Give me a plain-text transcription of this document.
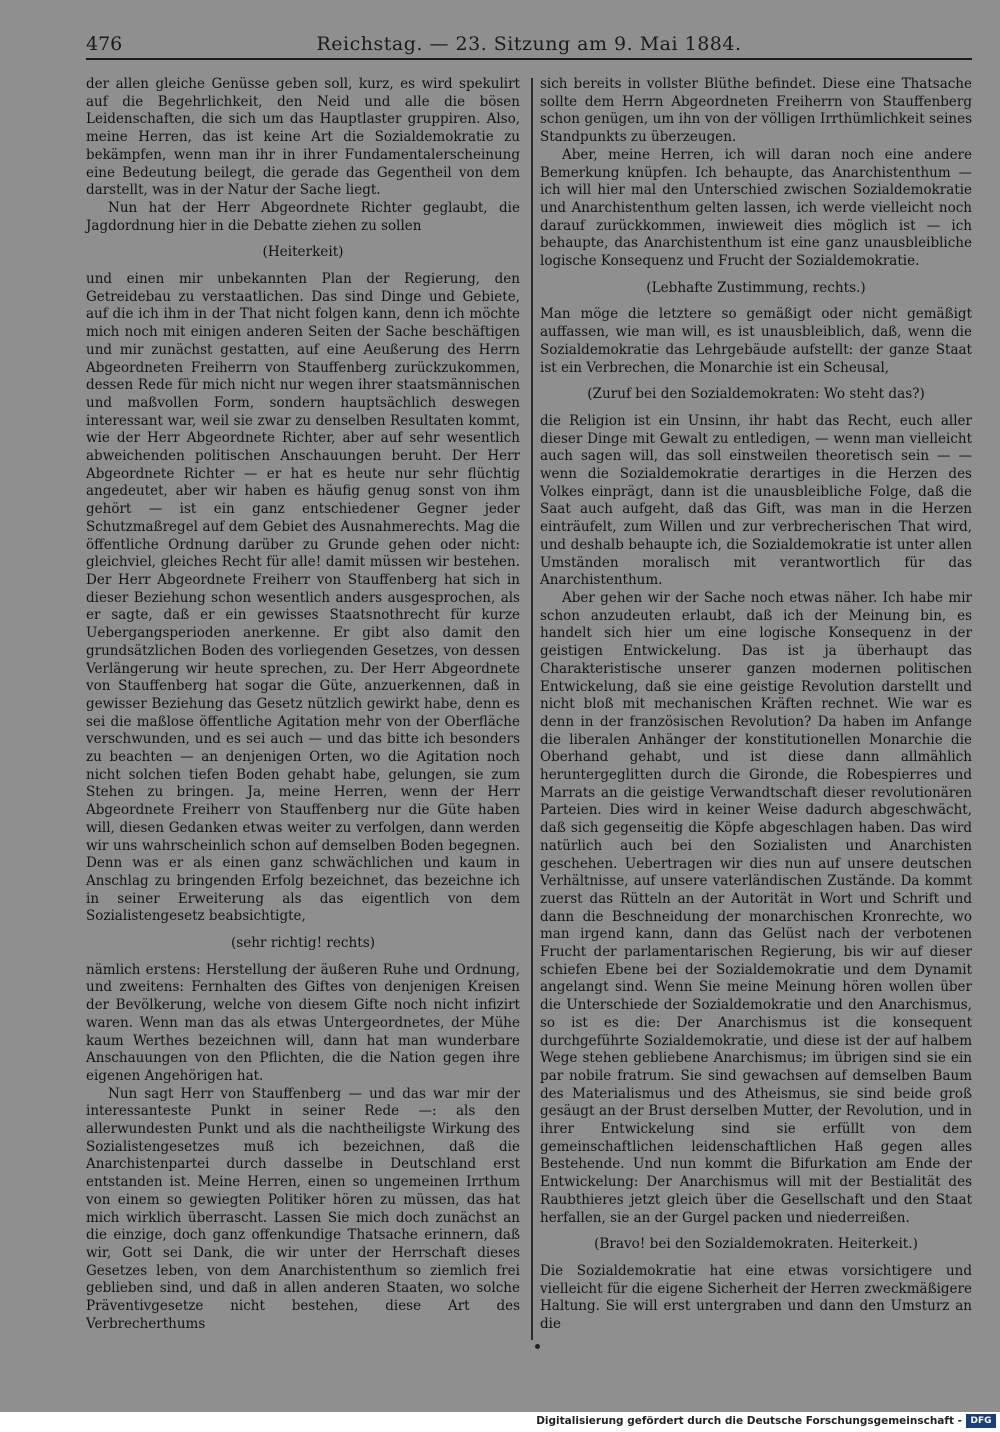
476	Reichstag. — 23. Sitzung am 9. Mai 1884.

der allen gleiche Genüsse geben soll, kurz, es wird spekulirt auf die Begehrlichkeit, den Neid und alle die bösen Leidenschaften, die sich um das Hauptlaster gruppiren. Also, meine Herren, das ist keine Art die Sozialdemokratie zu bekämpfen, wenn man ihr in ihrer Fundamentalerscheinung eine Bedeutung beilegt, die gerade das Gegentheil von dem darstellt, was in der Natur der Sache liegt.

Nun hat der Herr Abgeordnete Richter geglaubt, die Jagdordnung hier in die Debatte ziehen zu sollen

(Heiterkeit)

und einen mir unbekannten Plan der Regierung, den Getreidebau zu verstaatlichen. Das sind Dinge und Gebiete, auf die ich ihm in der That nicht folgen kann, denn ich möchte mich noch mit einigen anderen Seiten der Sache beschäftigen und mir zunächst gestatten, auf eine Aeußerung des Herrn Abgeordneten Freiherrn von Stauffenberg zurückzukommen, dessen Rede für mich nicht nur wegen ihrer staatsmännischen und maßvollen Form, sondern hauptsächlich deswegen interessant war, weil sie zwar zu denselben Resultaten kommt, wie der Herr Abgeordnete Richter, aber auf sehr wesentlich abweichenden politischen Anschauungen beruht. Der Herr Abgeordnete Richter — er hat es heute nur sehr flüchtig angedeutet, aber wir haben es häufig genug sonst von ihm gehört — ist ein ganz entschiedener Gegner jeder Schutzmaßregel auf dem Gebiet des Ausnahmerechts. Mag die öffentliche Ordnung darüber zu Grunde gehen oder nicht: gleichviel, gleiches Recht für alle! damit müssen wir bestehen. Der Herr Abgeordnete Freiherr von Stauffenberg hat sich in dieser Beziehung schon wesentlich anders ausgesprochen, als er sagte, daß er ein gewisses Staatsnothrecht für kurze Uebergangsperioden anerkenne. Er gibt also damit den grundsätzlichen Boden des vorliegenden Gesetzes, von dessen Verlängerung wir heute sprechen, zu. Der Herr Abgeordnete von Stauffenberg hat sogar die Güte, anzuerkennen, daß in gewisser Beziehung das Gesetz nützlich gewirkt habe, denn es sei die maßlose öffentliche Agitation mehr von der Oberfläche verschwunden, und es sei auch — und das bitte ich besonders zu beachten — an denjenigen Orten, wo die Agitation noch nicht solchen tiefen Boden gehabt habe, gelungen, sie zum Stehen zu bringen. Ja, meine Herren, wenn der Herr Abgeordnete Freiherr von Stauffenberg nur die Güte haben will, diesen Gedanken etwas weiter zu verfolgen, dann werden wir uns wahrscheinlich schon auf demselben Boden begegnen. Denn was er als einen ganz schwächlichen und kaum in Anschlag zu bringenden Erfolg bezeichnet, das bezeichne ich in seiner Erweiterung als das eigentlich von dem Sozialistengesetz beabsichtigte,

(sehr richtig! rechts)

nämlich erstens: Herstellung der äußeren Ruhe und Ordnung, und zweitens: Fernhalten des Giftes von denjenigen Kreisen der Bevölkerung, welche von diesem Gifte noch nicht infizirt waren. Wenn man das als etwas Untergeordnetes, der Mühe kaum Werthes bezeichnen will, dann hat man wunderbare Anschauungen von den Pflichten, die die Nation gegen ihre eigenen Angehörigen hat.

Nun sagt Herr von Stauffenberg — und das war mir der interessanteste Punkt in seiner Rede —: als den allerwundesten Punkt und als die nachtheiligste Wirkung des Sozialistengesetzes muß ich bezeichnen, daß die Anarchistenpartei durch dasselbe in Deutschland erst entstanden ist. Meine Herren, einen so ungemeinen Irrthum von einem so gewiegten Politiker hören zu müssen, das hat mich wirklich überrascht. Lassen Sie mich doch zunächst an die einzige, doch ganz offenkundige Thatsache erinnern, daß wir, Gott sei Dank, die wir unter der Herrschaft dieses Gesetzes leben, von dem Anarchistenthum so ziemlich frei geblieben sind, und daß in allen anderen Staaten, wo solche Präventivgesetze nicht bestehen, diese Art des Verbrecherthums

sich bereits in vollster Blüthe befindet. Diese eine Thatsache sollte dem Herrn Abgeordneten Freiherrn von Stauffenberg schon genügen, um ihn von der völligen Irrthümlichkeit seines Standpunkts zu überzeugen.

Aber, meine Herren, ich will daran noch eine andere Bemerkung knüpfen. Ich behaupte, das Anarchistenthum — ich will hier mal den Unterschied zwischen Sozialdemokratie und Anarchistenthum gelten lassen, ich werde vielleicht noch darauf zurückkommen, inwieweit dies möglich ist — ich behaupte, das Anarchistenthum ist eine ganz unausbleibliche logische Konsequenz und Frucht der Sozialdemokratie.

(Lebhafte Zustimmung, rechts.)

Man möge die letztere so gemäßigt oder nicht gemäßigt auffassen, wie man will, es ist unausbleiblich, daß, wenn die Sozialdemokratie das Lehrgebäude aufstellt: der ganze Staat ist ein Verbrechen, die Monarchie ist ein Scheusal,

(Zuruf bei den Sozialdemokraten: Wo steht das?)

die Religion ist ein Unsinn, ihr habt das Recht, euch aller dieser Dinge mit Gewalt zu entledigen, — wenn man vielleicht auch sagen will, das soll einstweilen theoretisch sein — — wenn die Sozialdemokratie derartiges in die Herzen des Volkes einprägt, dann ist die unausbleibliche Folge, daß die Saat auch aufgeht, daß das Gift, was man in die Herzen einträufelt, zum Willen und zur verbrecherischen That wird, und deshalb behaupte ich, die Sozialdemokratie ist unter allen Umständen moralisch mit verantwortlich für das Anarchistenthum.

Aber gehen wir der Sache noch etwas näher. Ich habe mir schon anzudeuten erlaubt, daß ich der Meinung bin, es handelt sich hier um eine logische Konsequenz in der geistigen Entwickelung. Das ist ja überhaupt das Charakteristische unserer ganzen modernen politischen Entwickelung, daß sie eine geistige Revolution darstellt und nicht bloß mit mechanischen Kräften rechnet. Wie war es denn in der französischen Revolution? Da haben im Anfange die liberalen Anhänger der konstitutionellen Monarchie die Oberhand gehabt, und ist diese dann allmählich heruntergeglitten durch die Gironde, die Robespierres und Marrats an die geistige Verwandtschaft dieser revolutionären Parteien. Dies wird in keiner Weise dadurch abgeschwächt, daß sich gegenseitig die Köpfe abgeschlagen haben. Das wird natürlich auch bei den Sozialisten und Anarchisten geschehen. Uebertragen wir dies nun auf unsere deutschen Verhältnisse, auf unsere vaterländischen Zustände. Da kommt zuerst das Rütteln an der Autorität in Wort und Schrift und dann die Beschneidung der monarchischen Kronrechte, wo man irgend kann, dann das Gelüst nach der verbotenen Frucht der parlamentarischen Regierung, bis wir auf dieser schiefen Ebene bei der Sozialdemokratie und dem Dynamit angelangt sind. Wenn Sie meine Meinung hören wollen über die Unterschiede der Sozialdemokratie und den Anarchismus, so ist es die: Der Anarchismus ist die konsequent durchgeführte Sozialdemokratie, und diese ist der auf halbem Wege stehen gebliebene Anarchismus; im übrigen sind sie ein par nobile fratrum. Sie sind gewachsen auf demselben Baum des Materialismus und des Atheismus, sie sind beide groß gesäugt an der Brust derselben Mutter, der Revolution, und in ihrer Entwickelung sind sie erfüllt von dem gemeinschaftlichen leidenschaftlichen Haß gegen alles Bestehende. Und nun kommt die Bifurkation am Ende der Entwickelung: Der Anarchismus will mit der Bestialität des Raubthieres jetzt gleich über die Gesellschaft und den Staat herfallen, sie an der Gurgel packen und niederreißen.

(Bravo! bei den Sozialdemokraten. Heiterkeit.)

Die Sozialdemokratie hat eine etwas vorsichtigere und vielleicht für die eigene Sicherheit der Herren zweckmäßigere Haltung. Sie will erst untergraben und dann den Umsturz an die

Digitalisierung gefördert durch die Deutsche Forschungsgemeinschaft - DFG
